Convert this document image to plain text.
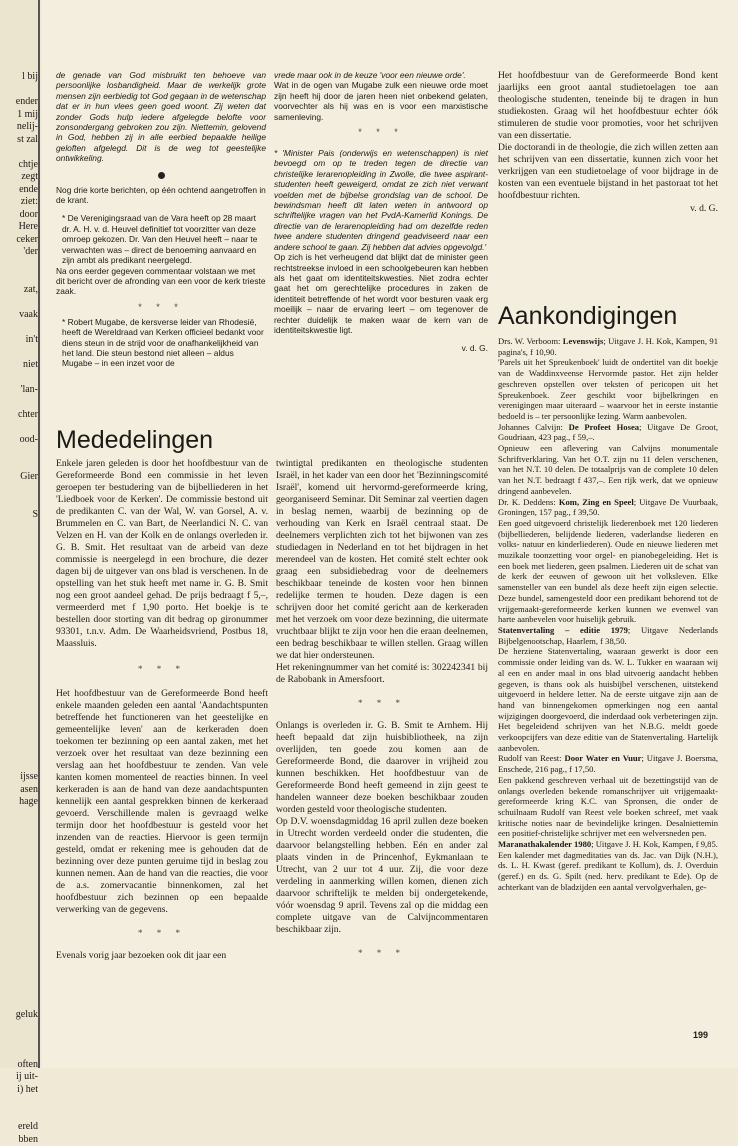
l bij
ender
1 mij
nelij-
st zal
chtje
zegt
ende
ziet:
door
Here
ceker
'der
zat,
vaak
in't
niet
'lan-
chter
ood-
Gier
S
ijsse
asen
hage
geluk
often
ij uit-
i) het
ereld
bben

de genade van God misbruikt ten behoeve van persoonlijke losbandigheid. Maar de werkelijk grote mensen zijn eerbiedig tot God gegaan in de wetenschap dat er in hun vlees geen goed woont. Zij weten dat zonder Gods hulp iedere afgelegde belofte voor zonsondergang gebroken zou zijn. Niettemin, gelovend in God, hebben zij in alle eerbied bepaalde heilige geloften afgelegd. Dit is de weg tot geestelijke ontwikkeling.

Nog drie korte berichten, op één ochtend aangetroffen in de krant.

* De Verenigingsraad van de Vara heeft op 28 maart dr. A. H. v. d. Heuvel definitief tot voorzitter van deze omroep gekozen. Dr. Van den Heuvel heeft – naar te verwachten was – direct de benoeming aanvaard en zijn ambt als predikant neergelegd.

Na ons eerder gegeven commentaar volstaan we met dit bericht over de afronding van een voor de kerk trieste zaak.

* * *

* Robert Mugabe, de kersverse leider van Rhodesië, heeft de Wereldraad van Kerken officieel bedankt voor diens steun in de strijd voor de onafhankelijkheid van het land. Die steun bestond niet alleen – aldus Mugabe – in een inzet voor de

vrede maar ook in de keuze 'voor een nieuwe orde'.

Wat in de ogen van Mugabe zulk een nieuwe orde moet zijn heeft hij door de jaren heen niet onbekend gelaten, voorvechter als hij was en is voor een marxistische samenleving.

* * *

* 'Minister Pais (onderwijs en wetenschappen) is niet bevoegd om op te treden tegen de directie van christelijke lerarenopleiding in Zwolle, die twee aspirant-studenten heeft geweigerd, omdat ze zich niet verwant voelden met de bijbelse grondslag van de school. De bewindsman heeft dit laten weten in antwoord op schriftelijke vragen van het PvdA-Kamerlid Konings. De directie van de lerarenopleiding had om dezelfde reden twee andere studenten dringend geadviseerd naar een andere school te gaan. Zij hebben dat advies opgevolgd.'

Op zich is het verheugend dat blijkt dat de minister geen rechtstreekse invloed in een schoolgebeuren kan hebben als het gaat om identiteitskwesties. Niet zodra echter gaat het om gerechtelijke procedures in zaken de identiteit betreffende of het wordt voor besturen vaak erg moeilijk – naar de ervaring leert – om tegenover de rechter duidelijk te maken waar de kern van de identiteitskwestie ligt.

v. d. G.

Het hoofdbestuur van de Gereformeerde Bond kent jaarlijks een groot aantal studietoelagen toe aan theologische studenten, teneinde bij te dragen in hun studiekosten. Graag wil het hoofdbestuur echter óók stimuleren de studie voor promoties, voor het schrijven van een dissertatie.

Die doctorandi in de theologie, die zich willen zetten aan het schrijven van een dissertatie, kunnen zich voor het verkrijgen van een studietoelage of voor bijdrage in de kosten van een eventuele bijstand in het pastoraat tot het hoofdbestuur richten.

v. d. G.

Aankondigingen

Drs. W. Verboom: Levenswijs; Uitgave J. H. Kok, Kampen, 91 pagina's, f 10,90.

'Parels uit het Spreukenboek' luidt de ondertitel van dit boekje van de Waddinxveense Hervormde pastor. Het zijn helder geschreven opstellen over teksten of pericopen uit het Spreukenboek. Zeer geschikt voor bijbelkringen en verenigingen maar uiteraard – waarvoor het in eerste instantie bedoeld is – ter persoonlijke lezing. Warm aanbevolen.

Johannes Calvijn: De Profeet Hosea; Uitgave De Groot, Goudriaan, 423 pag., f 59,–.

Opnieuw een aflevering van Calvijns monumentale Schriftverklaring. Van het O.T. zijn nu 11 delen verschenen, van het N.T. 10 delen. De totaalprijs van de complete 10 delen van het N.T. bedraagt f 437,–. Een rijk werk, dat we opnieuw dringend aanbevelen.

Dr. K. Deddens: Kom, Zing en Speel; Uitgave De Vuurbaak, Groningen, 157 pag., f 39,50.

Een goed uitgevoerd christelijk liederenboek met 120 liederen (bijbelliederen, belijdende liederen, vaderlandse liederen en volks- natuur en kinderliederen). Oude en nieuwe liederen met muzikale toonzetting voor orgel- en pianobegeleiding. Het is een boek met liederen, geen psalmen. Liederen uit de schat van de kerk der eeuwen of gewoon uit het volksleven. Elke samensteller van een bundel als deze heeft zijn eigen selectie. Deze bundel, samengesteld door een predikant behorend tot de vrijgemaakt-gereformeerde kerken kunnen we evenwel van harte aanbevelen voor huiselijk gebruik.

Statenvertaling – editie 1979; Uitgave Nederlands Bijbelgenootschap, Haarlem, f 38,50.

De herziene Statenvertaling, waaraan gewerkt is door een commissie onder leiding van ds. W. L. Tukker en waaraan wij al een en ander maal in ons blad uitvoerig aandacht hebben gegeven, is thans ook als huisbijbel verschenen, uitstekend uitgevoerd in heldere letter. Na de eerste uitgave zijn aan de hand van binnengekomen opmerkingen nog een aantal wijzigingen doorgevoerd, die inderdaad ook verbeteringen zijn. Het begeleidend schrijven van het N.B.G. meldt goede verkoopcijfers van deze editie van de Statenvertaling. Hartelijk aanbevolen.

Rudolf van Reest: Door Water en Vuur; Uitgave J. Boersma, Enschede, 216 pag., f 17,50.

Een pakkend geschreven verhaal uit de bezettingstijd van de onlangs overleden bekende romanschrijver uit vrijgemaakt-gereformeerde kring K.C. van Spronsen, die onder de schuilnaam Rudolf van Reest vele boeken schreef, met vaak kritische noties naar de bevindelijke kringen. Desalniettemin een positief-christelijke schrijver met een welversneden pen.

Maranathakalender 1980; Uitgave J. H. Kok, Kampen, f 9,85.

Een kalender met dagmeditaties van ds. Jac. van Dijk (N.H.), ds. L. H. Kwast (geref. predikant te Kollum), ds. J. Overduin (geref.) en ds. G. Spilt (ned. herv. predikant te Ede). Op de achterkant van de bladzijden een aantal vervolgverhalen, ge-

Mededelingen

Enkele jaren geleden is door het hoofdbestuur van de Gereformeerde Bond een commissie in het leven geroepen ter bestudering van de bijbelliederen in het 'Liedboek voor de Kerken'. De commissie bestond uit de predikanten C. van der Wal, W. van Gorsel, A. v. Brummelen en C. van Bart, de Neerlandici N. C. van Velzen en H. van der Kolk en de onlangs overleden ir. G. B. Smit. Het resultaat van de arbeid van deze commissie is neergelegd in een brochure, die dezer dagen bij de uitgever van ons blad is verschenen. In de opstelling van het stuk heeft met name ir. G. B. Smit nog een groot aandeel gehad. De prijs bedraagt f 5,–, vermeerderd met f 1,90 porto. Het boekje is te bestellen door storting van dit bedrag op gironummer 93301, t.n.v. Adm. De Waarheidsvriend, Postbus 18, Maassluis.

* * *

Het hoofdbestuur van de Gereformeerde Bond heeft enkele maanden geleden een aantal 'Aandachtspunten betreffende het functioneren van het geestelijke en gemeentelijke leven' aan de kerkeraden doen toekomen ter bezinning op een aantal zaken, met het verzoek over het resultaat van deze bezinning een verslag aan het hoofdbestuur te zenden. Van vele kanten komen momenteel de reacties binnen. In veel kerkeraden is aan de hand van deze aandachtspunten kennelijk een aantal gesprekken binnen de kerkeraad gevoerd. Verschillende malen is gevraagd welke termijn door het hoofdbestuur is gesteld voor het inzenden van de reacties. Hiervoor is geen termijn gesteld, omdat er rekening mee is gehouden dat de bezinning over deze punten geruime tijd in beslag zou kunnen nemen. Aan de hand van die reacties, die voor de a.s. zomervacantie binnenkomen, zal het hoofdbestuur zich bezinnen op een bepaalde verwerking van de gegevens.

* * *

Evenals vorig jaar bezoeken ook dit jaar een

twintigtal predikanten en theologische studenten Israël, in het kader van een door het 'Bezinningscomité Israël', komend uit hervormd-gereformeerde kring, georganiseerd Seminar. Dit Seminar zal veertien dagen in beslag nemen, waarbij de bezinning op de verhouding van Kerk en Israël centraal staat. De deelnemers verplichten zich tot het bijwonen van zes studiedagen in Nederland en tot het bijdragen in het merendeel van de kosten. Het comité stelt echter ook graag een subsidiebedrag voor de deelnemers beschikbaar teneinde de kosten voor hen binnen redelijke termen te houden. Deze dagen is een schrijven door het comité gericht aan de kerkeraden met het verzoek om voor deze bezinning, die uitermate vruchtbaar blijkt te zijn voor hen die eraan deelnemen, een bedrag beschikbaar te willen stellen. Graag willen we dat hier ondersteunen.

Het rekeningnummer van het comité is: 302242341 bij de Rabobank in Amersfoort.

* * *

Onlangs is overleden ir. G. B. Smit te Arnhem. Hij heeft bepaald dat zijn huisbibliotheek, na zijn overlijden, ten goede zou komen aan de Gereformeerde Bond, die daarover in vrijheid zou kunnen beschikken. Het hoofdbestuur van de Gereformeerde Bond heeft gemeend in zijn geest te handelen wanneer deze boeken beschikbaar zouden worden gesteld voor theologische studenten.

Op D.V. woensdagmiddag 16 april zullen deze boeken in Utrecht worden verdeeld onder die studenten, die daarvoor belangstelling hebben. Eén en ander zal plaats vinden in de Princenhof, Eykmanlaan te Utrecht, van 2 uur tot 4 uur. Zij, die voor deze verdeling in aanmerking willen komen, dienen zich daarvoor schriftelijk te melden bij ondergetekende, vóór woensdag 9 april. Tevens zal op die middag een complete uitgave van de Calvijncommentaren beschikbaar zijn.

* * *
199
